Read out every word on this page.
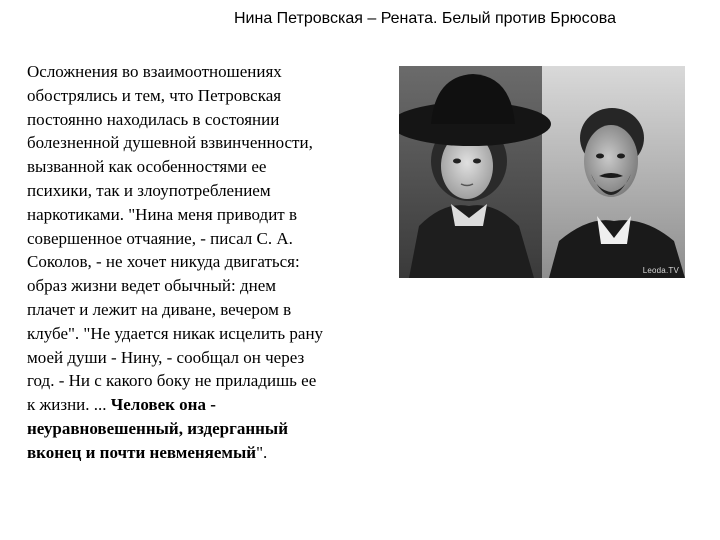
Нина Петровская – Рената. Белый против Брюсова
Осложнения во взаимоотношениях
обострялись и тем, что Петровская
постоянно находилась в состоянии
болезненной душевной взвинченности,
вызванной как особенностями ее
психики, так и злоупотреблением
наркотиками. "Нина меня приводит в
совершенное отчаяние, - писал С. А.
Соколов, - не хочет никуда двигаться:
образ жизни ведет обычный: днем
плачет и лежит на диване, вечером в
клубе". "Не удается никак исцелить рану
моей души - Нину, - сообщал он через
год. - Ни с какого боку не приладишь ее
к жизни. ... Человек она -
неуравновешенный, издерганный
вконец и почти невменяемый".
Leoda.TV
